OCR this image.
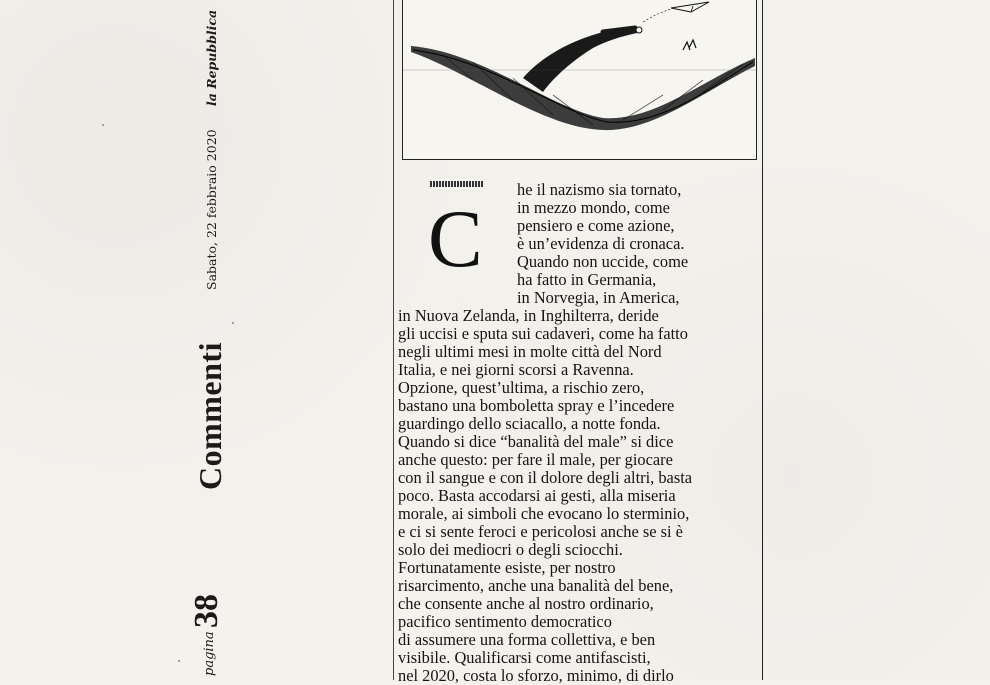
Sabato, 22 febbraio 2020
la Repubblica
Commenti
pagina
38
C
he il nazismo sia tornato,
in mezzo mondo, come
pensiero e come azione,
è un’evidenza di cronaca.
Quando non uccide, come
ha fatto in Germania,
in Norvegia, in America,
in Nuova Zelanda, in Inghilterra, deride
gli uccisi e sputa sui cadaveri, come ha fatto
negli ultimi mesi in molte città del Nord
Italia, e nei giorni scorsi a Ravenna.
Opzione, quest’ultima, a rischio zero,
bastano una bomboletta spray e l’incedere
guardingo dello sciacallo, a notte fonda.
Quando si dice “banalità del male” si dice
anche questo: per fare il male, per giocare
con il sangue e con il dolore degli altri, basta
poco. Basta accodarsi ai gesti, alla miseria
morale, ai simboli che evocano lo sterminio,
e ci si sente feroci e pericolosi anche se si è
solo dei mediocri o degli sciocchi.
Fortunatamente esiste, per nostro
risarcimento, anche una banalità del bene,
che consente anche al nostro ordinario,
pacifico sentimento democratico
di assumere una forma collettiva, e ben
visibile. Qualificarsi come antifascisti,
nel 2020, costa lo sforzo, minimo, di dirlo
